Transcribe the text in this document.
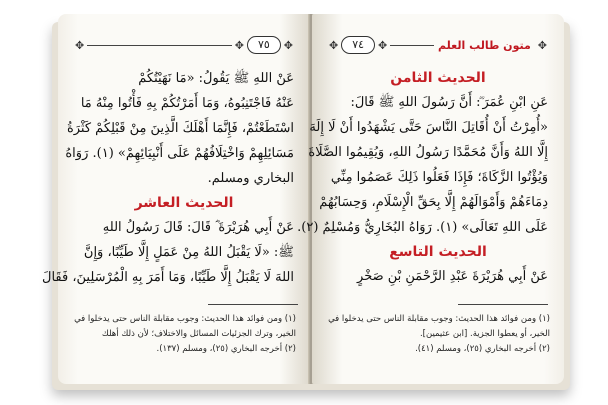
✥
٧٥
✥
✥
عَنْ اللهِ ﷺ يَقُولُ: «مَا نَهَيْتُكُمْ
عَنْهُ فَاجْتَنِبُوهُ، وَمَا أَمَرْتُكُمْ بِهِ فَأْتُوا مِنْهُ مَا
اسْتَطَعْتُمْ، فَإِنَّمَا أَهْلَكَ الَّذِينَ مِنْ قَبْلِكُمْ كَثْرَةُ
مَسَائِلِهِمْ وَاخْتِلَافُهُمْ عَلَى أَنْبِيَائِهِمْ» (١). رَوَاهُ
البخاري ومسلم.
الحديث العاشر
عَنْ أَبِي هُرَيْرَةَ ؓ قَالَ: قَالَ رَسُولُ اللهِ
ﷺ: «لَا يَقْبَلُ اللهُ مِنْ عَمَلٍ إِلَّا طَيِّبًا، وَإِنَّ
اللهَ لَا يَقْبَلُ إِلَّا طَيِّبًا، وَمَا أَمَرَ بِهِ الْمُرْسَلِينَ، فَقَالَ
(١) ومن فوائد هذا الحديث: وجوب مقابلة الناس حتى يدخلوا في
الخير، وترك الجزئيات المسائل والاختلاف؛ لأن ذلك أهلك
(٢) أخرجه البخاري (٢٥)، ومسلم (١٣٧).
✥
متون طالب العلم
✥
٧٤
✥
الحديث الثامن
عَنِ ابْنِ عُمَرَ ؓ: أَنَّ رَسُولَ اللهِ ﷺ قَالَ:
«أُمِرْتُ أَنْ أُقَاتِلَ النَّاسَ حَتَّى يَشْهَدُوا أَنْ لَا إِلَهَ
إِلَّا اللهُ وَأَنَّ مُحَمَّدًا رَسُولُ اللهِ، وَيُقِيمُوا الصَّلَاةَ
وَيُؤْتُوا الزَّكَاةَ؛ فَإِذَا فَعَلُوا ذَلِكَ عَصَمُوا مِنِّي
دِمَاءَهُمْ وَأَمْوَالَهُمْ إِلَّا بِحَقِّ الْإِسْلَامِ، وَحِسَابُهُمْ
عَلَى اللهِ تَعَالَى» (١). رَوَاهُ البُخَارِيُّ وَمُسْلِمٌ (٢).
الحديث التاسع
عَنْ أَبِي هُرَيْرَةَ عَبْدِ الرَّحْمَنِ بْنِ صَخْرٍ
(١) ومن فوائد هذا الحديث: وجوب مقابلة الناس حتى يدخلوا في
الخير، أو يعطوا الجزية. [ابن عثيمين].
(٢) أخرجه البخاري (٢٥)، ومسلم (٤١).
